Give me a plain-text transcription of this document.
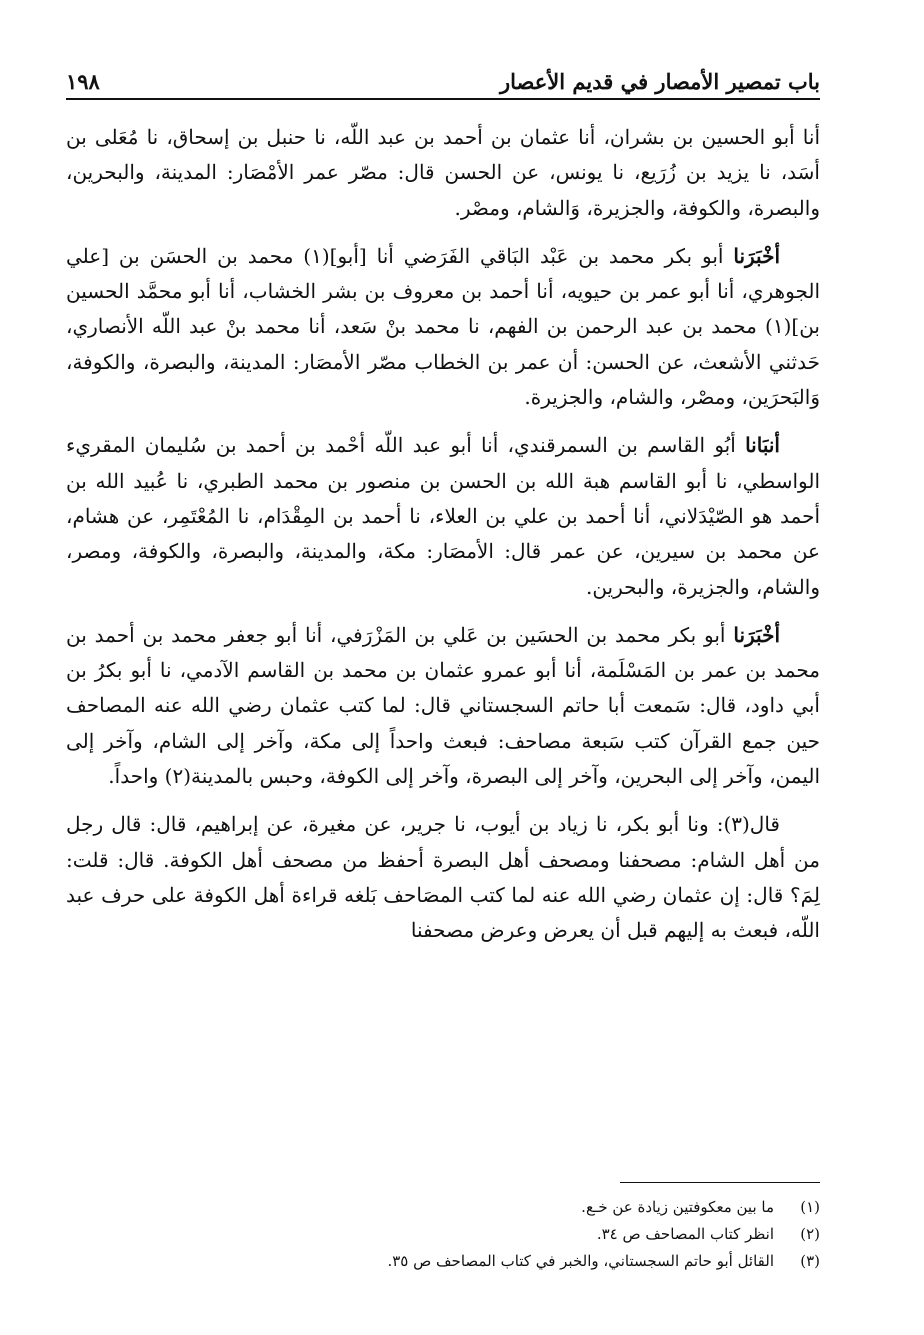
باب تمصير الأمصار في قديم الأعصار
١٩٨

أنا أبو الحسين بن بشران، أنا عثمان بن أحمد بن عبد اللّه، نا حنبل بن إسحاق، نا مُعَلى بن أسَد، نا يزيد بن زُرَيع، نا يونس، عن الحسن قال: مصّر عمر الأمْصَار: المدينة، والبحرين، والبصرة، والكوفة، والجزيرة، وَالشام، ومصْر.

أخْبَرَنا أبو بكر محمد بن عَبْد البَاقي الفَرَضي أنا [أبو](١) محمد بن الحسَن بن [علي الجوهري، أنا أبو عمر بن حيويه، أنا أحمد بن معروف بن بشر الخشاب، أنا أبو محمَّد الحسين بن](١) محمد بن عبد الرحمن بن الفهم، نا محمد بنْ سَعد، أنا محمد بنْ عبد اللّه الأنصاري، حَدثني الأشعث، عن الحسن: أن عمر بن الخطاب مصّر الأمصَار: المدينة، والبصرة، والكوفة، وَالبَحرَين، ومصْر، والشام، والجزيرة.

أنبَانا أبُو القاسم بن السمرقندي، أنا أبو عبد اللّه أحْمد بن أحمد بن سُليمان المقريء الواسطي، نا أبو القاسم هبة الله بن الحسن بن منصور بن محمد الطبري، نا عُبيد الله بن أحمد هو الصّيْدَلاني، أنا أحمد بن علي بن العلاء، نا أحمد بن المِقْدَام، نا المُعْتَمِر، عن هشام، عن محمد بن سيرين، عن عمر قال: الأمصَار: مكة، والمدينة، والبصرة، والكوفة، ومصر، والشام، والجزيرة، والبحرين.

أخْبَرَنا أبو بكر محمد بن الحسَين بن عَلي بن المَزْرَفي، أنا أبو جعفر محمد بن أحمد بن محمد بن عمر بن المَسْلَمة، أنا أبو عمرو عثمان بن محمد بن القاسم الآدمي، نا أبو بكرُ بن أبي داود، قال: سَمعت أبا حاتم السجستاني قال: لما كتب عثمان رضي الله عنه المصاحف حين جمع القرآن كتب سَبعة مصاحف: فبعث واحداً إلى مكة، وآخر إلى الشام، وآخر إلى اليمن، وآخر إلى البحرين، وآخر إلى البصرة، وآخر إلى الكوفة، وحبس بالمدينة(٢) واحداً.

قال(٣): ونا أبو بكر، نا زياد بن أيوب، نا جرير، عن مغيرة، عن إبراهيم، قال: قال رجل من أهل الشام: مصحفنا ومصحف أهل البصرة أحفظ من مصحف أهل الكوفة. قال: قلت: لِمَ؟ قال: إن عثمان رضي الله عنه لما كتب المصَاحف بَلغه قراءة أهل الكوفة على حرف عبد اللّه، فبعث به إليهم قبل أن يعرض وعرض مصحفنا

(١)
ما بين معكوفتين زيادة عن خـع.
(٢)
انظر كتاب المصاحف ص ٣٤.
(٣)
القائل أبو حاتم السجستاني، والخبر في كتاب المصاحف ص ٣٥.
